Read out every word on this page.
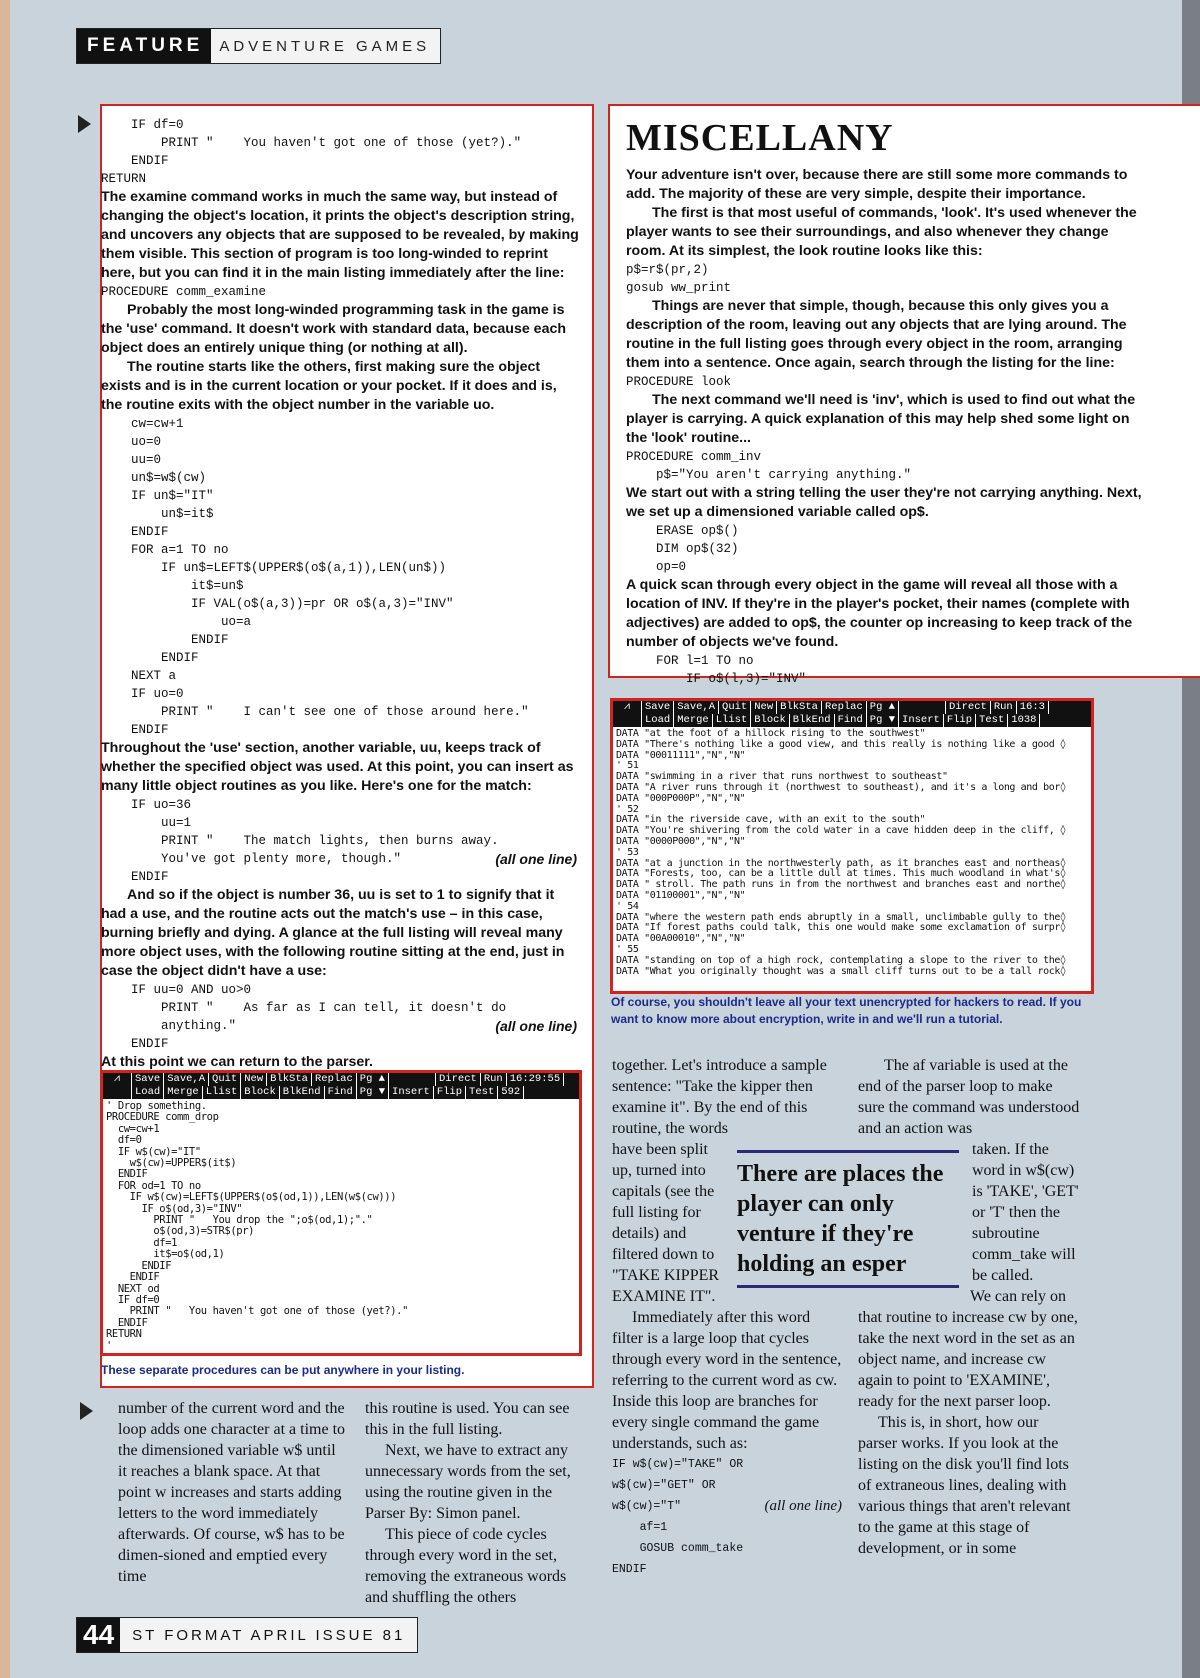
FEATURE	ADVENTURE GAMES
IF df=0
PRINT "    You haven't got one of those (yet?)."
ENDIF
RETURN

The examine command works in much the same way, but instead of changing the object's location, it prints the object's description string, and uncovers any objects that are supposed to be revealed, by making them visible. This section of program is too long-winded to reprint here, but you can find it in the main listing immediately after the line:

PROCEDURE comm_examine

Probably the most long-winded programming task in the game is the 'use' command. It doesn't work with standard data, because each object does an entirely unique thing (or nothing at all).

The routine starts like the others, first making sure the object exists and is in the current location or your pocket. If it does and is, the routine exits with the object number in the variable uo.

cw=cw+1
uo=0
uu=0
un$=w$(cw)
IF un$="IT"
un$=it$
ENDIF
FOR a=1 TO no
IF un$=LEFT$(UPPER$(o$(a,1)),LEN(un$))
it$=un$
IF VAL(o$(a,3))=pr OR o$(a,3)="INV"
uo=a
ENDIF
ENDIF
NEXT a
IF uo=0
PRINT "    I can't see one of those around here."
ENDIF

Throughout the 'use' section, another variable, uu, keeps track of whether the specified object was used. At this point, you can insert as many little object routines as you like. Here's one for the match:

IF uo=36
uu=1
PRINT "    The match lights, then burns away.
You've got plenty more, though."	(all one line)
ENDIF

And so if the object is number 36, uu is set to 1 to signify that it had a use, and the routine acts out the match's use – in this case, burning briefly and dying. A glance at the full listing will reveal many more object uses, with the following routine sitting at the end, just in case the object didn't have a use:

IF uu=0 AND uo>0
PRINT "    As far as I can tell, it doesn't do
anything."	(all one line)
ENDIF

At this point we can return to the parser.

⩘	Save Save,A Quit New BlkSta Replac Pg ▲	Direct Run 16:29:55
Load Merge Llist Block BlkEnd Find Pg ▼ Insert Flip Test 592
' Drop something.
PROCEDURE comm_drop
cw=cw+1
df=0
IF w$(cw)="IT"
w$(cw)=UPPER$(it$)
ENDIF
FOR od=1 TO no
IF w$(cw)=LEFT$(UPPER$(o$(od,1)),LEN(w$(cw)))
IF o$(od,3)="INV"
PRINT "   You drop the ";o$(od,1);"."
o$(od,3)=STR$(pr)
df=1
it$=o$(od,1)
ENDIF
ENDIF
NEXT od
IF df=0
PRINT "   You haven't got one of those (yet?)."
ENDIF
RETURN
'
These separate procedures can be put anywhere in your listing.
MISCELLANY

Your adventure isn't over, because there are still some more commands to add. The majority of these are very simple, despite their importance.

The first is that most useful of commands, 'look'. It's used whenever the player wants to see their surroundings, and also whenever they change room. At its simplest, the look routine looks like this:

p$=r$(pr,2)
gosub ww_print

Things are never that simple, though, because this only gives you a description of the room, leaving out any objects that are lying around. The routine in the full listing goes through every object in the room, arranging them into a sentence. Once again, search through the listing for the line:

PROCEDURE look

The next command we'll need is 'inv', which is used to find out what the player is carrying. A quick explanation of this may help shed some light on the 'look' routine...

PROCEDURE comm_inv
p$="You aren't carrying anything."

We start out with a string telling the user they're not carrying anything. Next, we set up a dimensioned variable called op$.

ERASE op$()
DIM op$(32)
op=0

A quick scan through every object in the game will reveal all those with a location of INV. If they're in the player's pocket, their names (complete with adjectives) are added to op$, the counter op increasing to keep track of the number of objects we've found.

FOR l=1 TO no
IF o$(l,3)="INV"
⩘	Save Save,A Quit New BlkSta Replac Pg ▲	Direct Run 16:3
Load Merge Llist Block BlkEnd Find Pg ▼ Insert Flip Test 1038
DATA "at the foot of a hillock rising to the southwest"
DATA "There's nothing like a good view, and this really is nothing like a good ◊
DATA "00011111","N","N"
' 51
DATA "swimming in a river that runs northwest to southeast"
DATA "A river runs through it (northwest to southeast), and it's a long and bor◊
DATA "000P000P","N","N"
' 52
DATA "in the riverside cave, with an exit to the south"
DATA "You're shivering from the cold water in a cave hidden deep in the cliff, ◊
DATA "0000P000","N","N"
' 53
DATA "at a junction in the northwesterly path, as it branches east and northeas◊
DATA "Forests, too, can be a little dull at times. This much woodland in what's◊
DATA " stroll. The path runs in from the northwest and branches east and northe◊
DATA "01100001","N","N"
' 54
DATA "where the western path ends abruptly in a small, unclimbable gully to the◊
DATA "If forest paths could talk, this one would make some exclamation of surpr◊
DATA "00A00010","N","N"
' 55
DATA "standing on top of a high rock, contemplating a slope to the river to the◊
DATA "What you originally thought was a small cliff turns out to be a tall rock◊
Of course, you shouldn't leave all your text unencrypted for hackers to read. If you want to know more about encryption, write in and we'll run a tutorial.

number of the current word and the loop adds one character at a time to the dimensioned variable w$ until it reaches a blank space. At that point w increases and starts adding letters to the word immediately afterwards. Of course, w$ has to be dimen-sioned and emptied every time

this routine is used. You can see this in the full listing.

Next, we have to extract any unnecessary words from the set, using the routine given in the Parser By: Simon panel.

This piece of code cycles through every word in the set, removing the extraneous words and shuffling the others

together. Let's introduce a sample sentence: "Take the kipper then examine it". By the end of this routine, the words

have been split up, turned into capitals (see the full listing for details) and filtered down to "TAKE KIPPER EXAMINE IT".

Immediately after this word filter is a large loop that cycles through every word in the sentence, referring to the current word as cw. Inside this loop are branches for every single command the game understands, such as:

IF w$(cw)="TAKE" OR
w$(cw)="GET" OR
w$(cw)="T"	(all one line)
af=1
GOSUB comm_take
ENDIF

The af variable is used at the end of the parser loop to make sure the command was understood and an action was

taken. If the word in w$(cw) is 'TAKE', 'GET' or 'T' then the subroutine comm_take will be called.

We can rely on that routine to increase cw by one, take the next word in the set as an object name, and increase cw again to point to 'EXAMINE', ready for the next parser loop.

This is, in short, how our parser works. If you look at the listing on the disk you'll find lots of extraneous lines, dealing with various things that aren't relevant to the game at this stage of development, or in some

There are places the player can only venture if they're holding an esper
44	ST FORMAT APRIL ISSUE 81
